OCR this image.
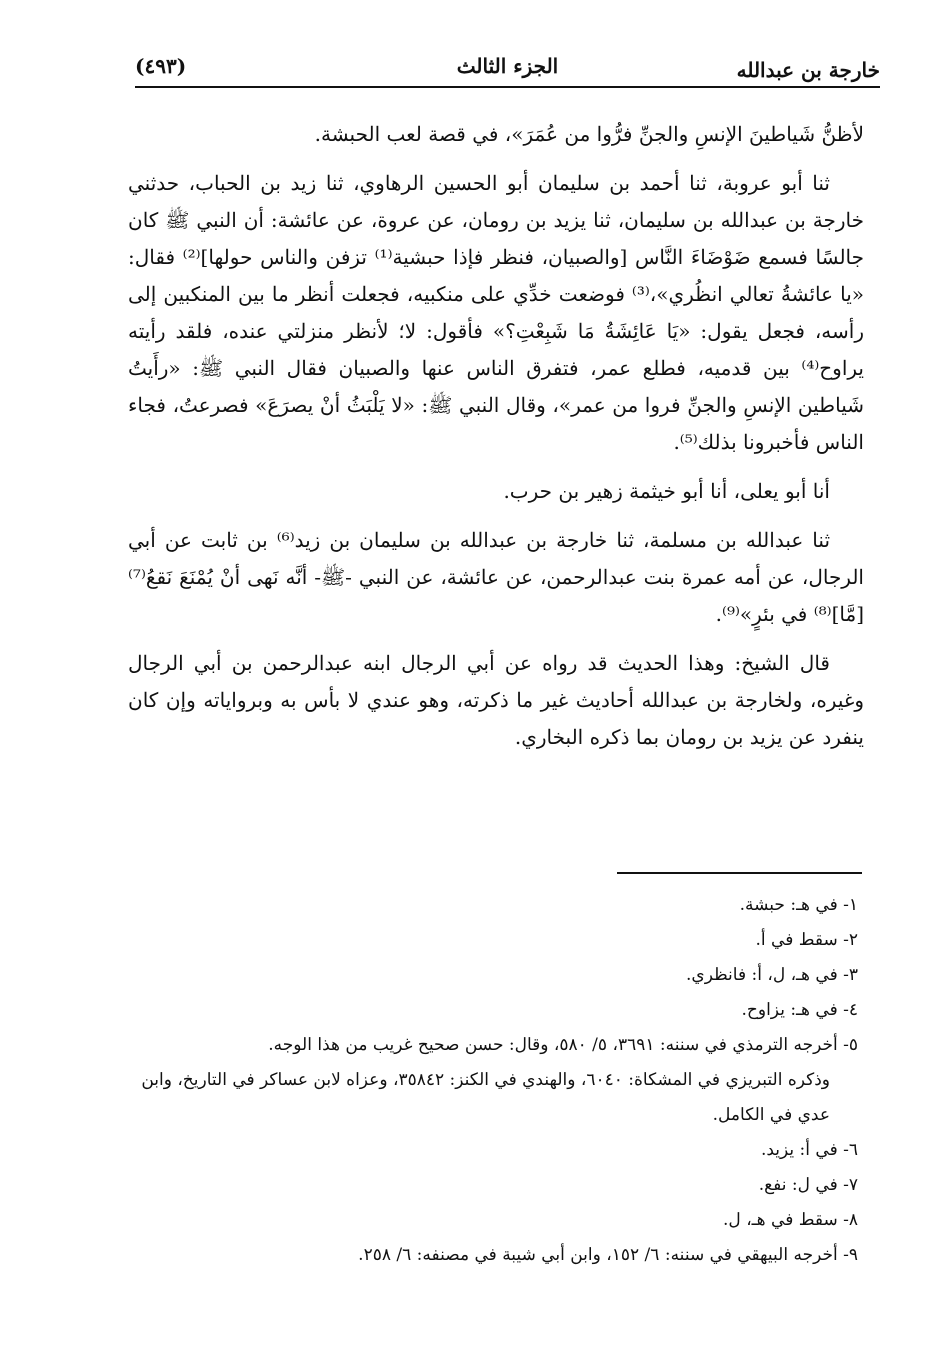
خارجة بن عبدالله
الجزء الثالث
(٤٩٣)

لأظنُّ شَياطينَ الإنسِ والجنِّ فرُّوا من عُمَرَ»، في قصة لعب الحبشة.

ثنا أبو عروبة، ثنا أحمد بن سليمان أبو الحسين الرهاوي، ثنا زيد بن الحباب، حدثني خارجة بن عبدالله بن سليمان، ثنا يزيد بن رومان، عن عروة، عن عائشة: أن النبي ﷺ كان جالسًا فسمع ضَوْضَاءَ النَّاس [والصبيان، فنظر فإذا حبشية⁽¹⁾ تزفن والناس حولها]⁽²⁾ فقال: «يا عائشةُ تعالي انظُري»،⁽³⁾ فوضعت خدِّي على منكبيه، فجعلت أنظر ما بين المنكبين إلى رأسه، فجعل يقول: «يَا عَائِشَةُ مَا شَبِعْتِ؟» فأقول: لا؛ لأنظر منزلتي عنده، فلقد رأيته يراوح⁽⁴⁾ بين قدميه، فطلع عمر، فتفرق الناس عنها والصبيان فقال النبي ﷺ: «رأَيتُ شَياطين الإنسِ والجنِّ فروا من عمر»، وقال النبي ﷺ: «لا يَلْبَثُ أنْ يصرَعَ» فصرعتُ، فجاء الناس فأخبرونا بذلك⁽⁵⁾.

أنا أبو يعلى، أنا أبو خيثمة زهير بن حرب.

ثنا عبدالله بن مسلمة، ثنا خارجة بن عبدالله بن سليمان بن زيد⁽⁶⁾ بن ثابت عن أبي الرجال، عن أمه عمرة بنت عبدالرحمن، عن عائشة، عن النبي -ﷺ- أنَّه نَهى أنْ يُمْنَعَ نَقعُ⁽⁷⁾ [مَّا]⁽⁸⁾ في بئرٍ»⁽⁹⁾.

قال الشيخ: وهذا الحديث قد رواه عن أبي الرجال ابنه عبدالرحمن بن أبي الرجال وغيره، ولخارجة بن عبدالله أحاديث غير ما ذكرته، وهو عندي لا بأس به وبرواياته وإن كان ينفرد عن يزيد بن رومان بما ذكره البخاري.

١- في هـ: حبشة.

٢- سقط في أ.

٣- في هـ، ل، أ: فانظري.

٤- في هـ: يزاوح.

٥- أخرجه الترمذي في سننه: ٣٦٩١، ٥/ ٥٨٠، وقال: حسن صحيح غريب من هذا الوجه.

وذكره التبريزي في المشكاة: ٦٠٤٠، والهندي في الكنز: ٣٥٨٤٢، وعزاه لابن عساكر في التاريخ، وابن عدي في الكامل.

٦- في أ: يزيد.

٧- في ل: نفع.

٨- سقط في هـ، ل.

٩- أخرجه البيهقي في سننه: ٦/ ١٥٢، وابن أبي شيبة في مصنفه: ٦/ ٢٥٨.
